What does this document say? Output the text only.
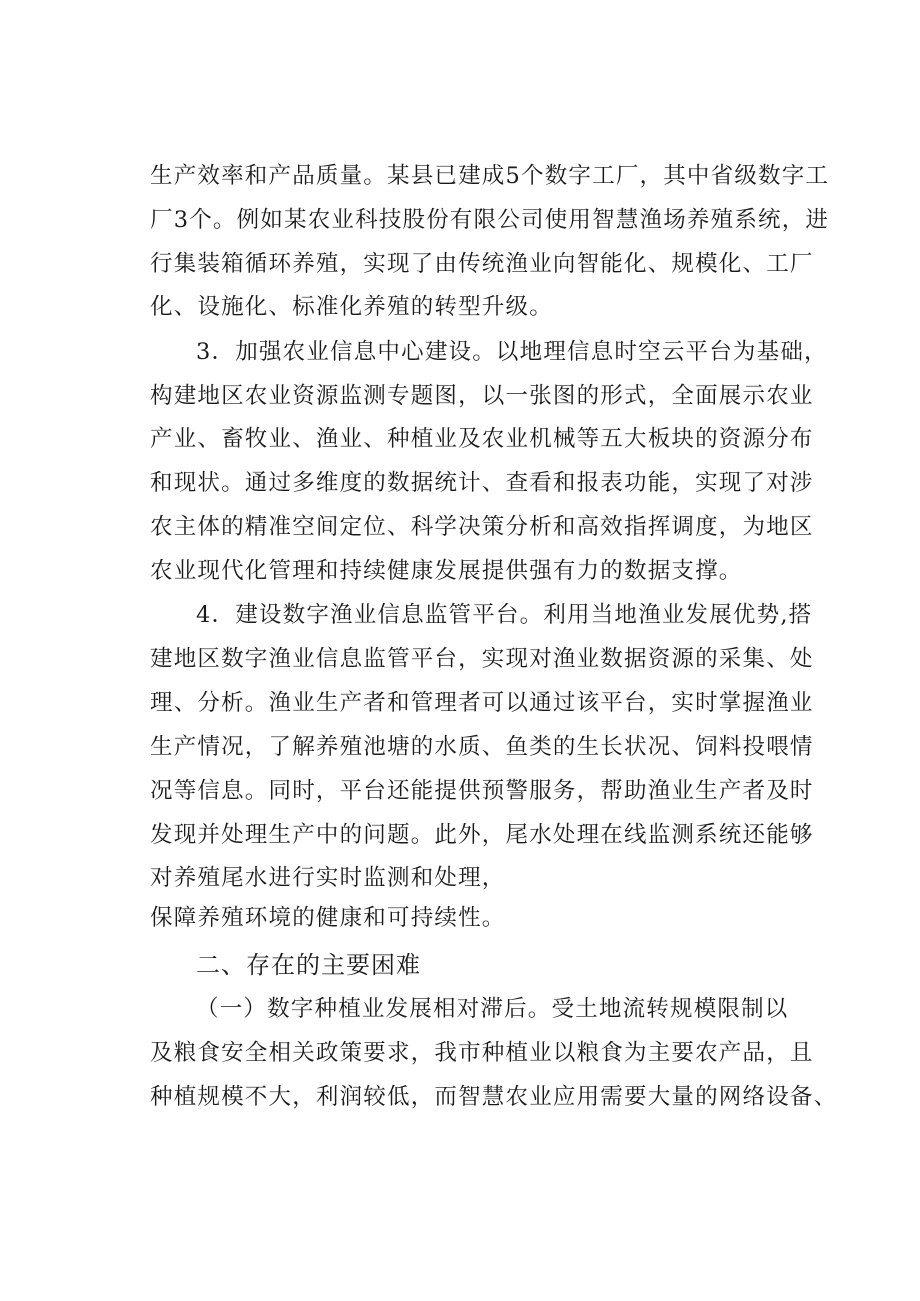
生产效率和产品质量。某县已建成5个数字工厂，其中省级数字工
厂3个。例如某农业科技股份有限公司使用智慧渔场养殖系统，进
行集装箱循环养殖，实现了由传统渔业向智能化、规模化、工厂
化、设施化、标准化养殖的转型升级。
3．加强农业信息中心建设。以地理信息时空云平台为基础，
构建地区农业资源监测专题图，以一张图的形式，全面展示农业
产业、畜牧业、渔业、种植业及农业机械等五大板块的资源分布
和现状。通过多维度的数据统计、查看和报表功能，实现了对涉
农主体的精准空间定位、科学决策分析和高效指挥调度，为地区
农业现代化管理和持续健康发展提供强有力的数据支撑。
4．建设数字渔业信息监管平台。利用当地渔业发展优势,搭
建地区数字渔业信息监管平台，实现对渔业数据资源的采集、处
理、分析。渔业生产者和管理者可以通过该平台，实时掌握渔业
生产情况，了解养殖池塘的水质、鱼类的生长状况、饲料投喂情
况等信息。同时，平台还能提供预警服务，帮助渔业生产者及时
发现并处理生产中的问题。此外，尾水处理在线监测系统还能够
对养殖尾水进行实时监测和处理，
保障养殖环境的健康和可持续性。
二、存在的主要困难
（一）数字种植业发展相对滞后。受土地流转规模限制以
及粮食安全相关政策要求，我市种植业以粮食为主要农产品，且
种植规模不大，利润较低，而智慧农业应用需要大量的网络设备、
